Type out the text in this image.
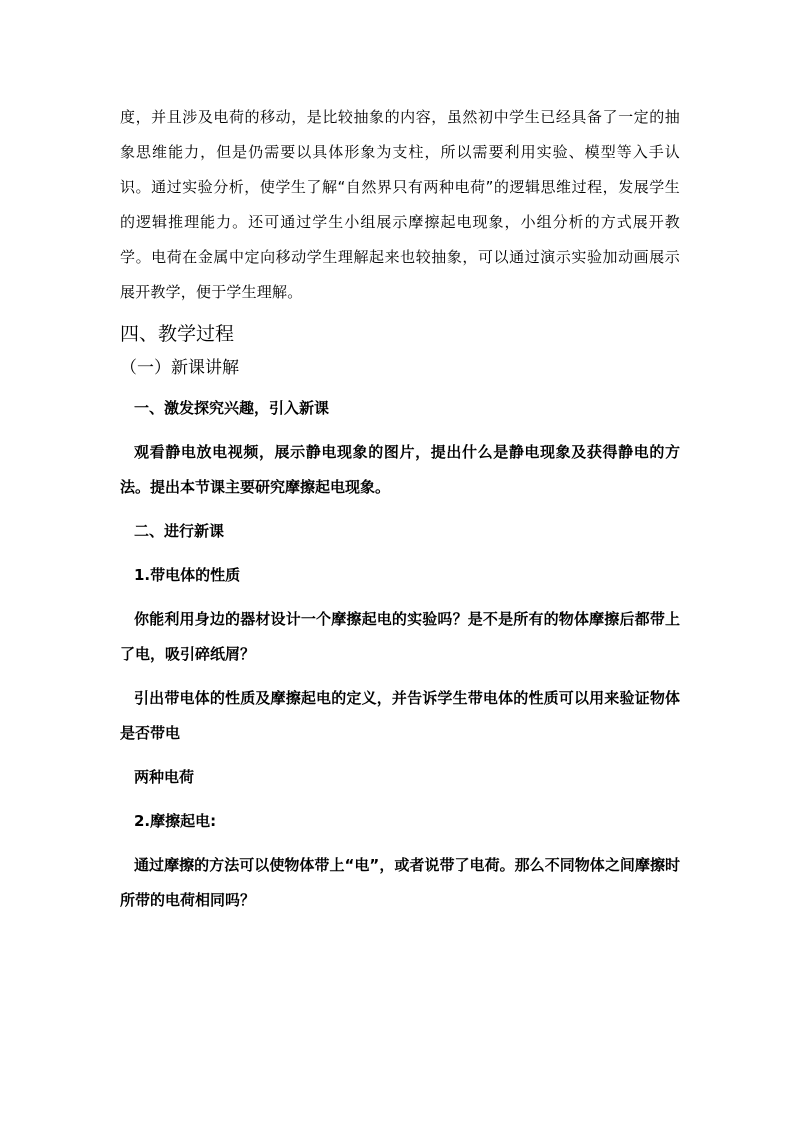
度，并且涉及电荷的移动，是比较抽象的内容，虽然初中学生已经具备了一定的抽象思维能力，但是仍需要以具体形象为支柱，所以需要利用实验、模型等入手认识。通过实验分析，使学生了解“自然界只有两种电荷”的逻辑思维过程，发展学生的逻辑推理能力。还可通过学生小组展示摩擦起电现象，小组分析的方式展开教学。电荷在金属中定向移动学生理解起来也较抽象，可以通过演示实验加动画展示展开教学，便于学生理解。

四、教学过程
（一）新课讲解

一、激发探究兴趣，引入新课

观看静电放电视频，展示静电现象的图片，提出什么是静电现象及获得静电的方法。提出本节课主要研究摩擦起电现象。

二、进行新课

1.带电体的性质

你能利用身边的器材设计一个摩擦起电的实验吗？是不是所有的物体摩擦后都带上了电，吸引碎纸屑？

引出带电体的性质及摩擦起电的定义，并告诉学生带电体的性质可以用来验证物体是否带电

两种电荷

2.摩擦起电:

通过摩擦的方法可以使物体带上“电”，或者说带了电荷。那么不同物体之间摩擦时所带的电荷相同吗？
